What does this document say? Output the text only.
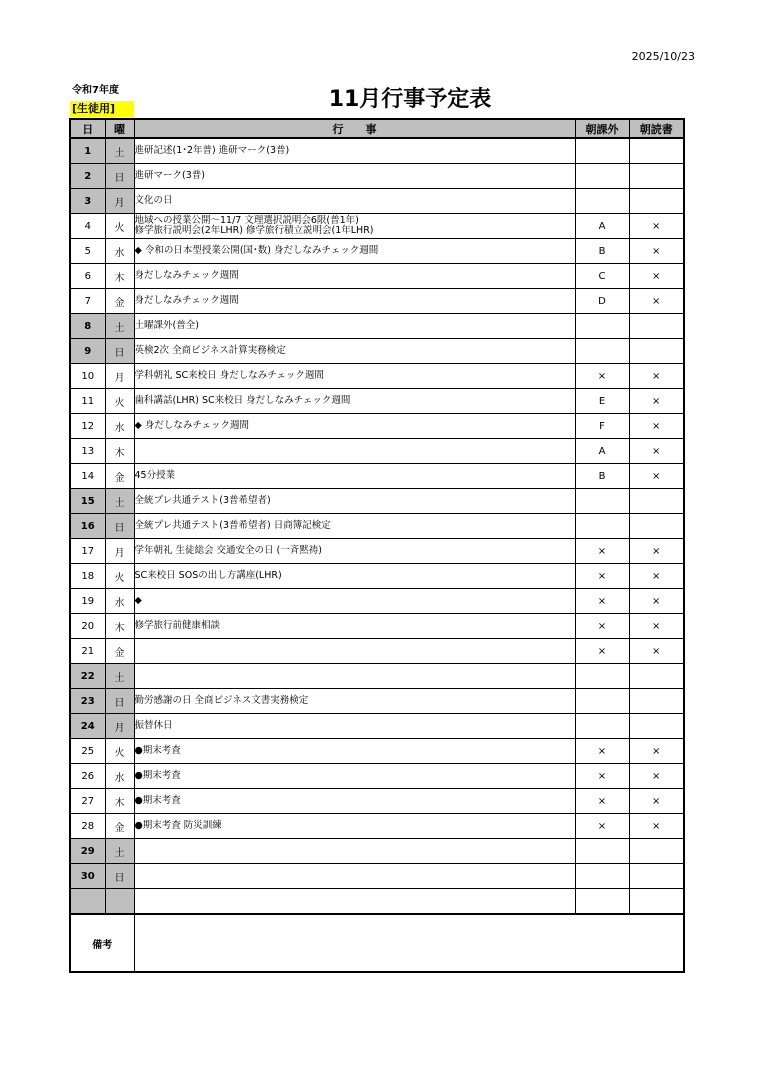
2025/10/23
令和7年度
[生徒用]	11月行事予定表
日	曜	行　　事	朝課外	朝読書
1	土	進研記述(1･2年普) 進研マーク(3普)		

2	日	進研マーク(3普)		

3	月	文化の日		

4	火	地域への授業公開～11/7 文理選択説明会6限(普1年)
修学旅行説明会(2年LHR) 修学旅行積立説明会(1年LHR)	A	×
5	水	◆ 令和の日本型授業公開(国･数) 身だしなみチェック週間	B	×
6	木	身だしなみチェック週間	C	×
7	金	身だしなみチェック週間	D	×
8	土	土曜課外(普全)		

9	日	英検2次 全商ビジネス計算実務検定		

10	月	学科朝礼 SC来校日 身だしなみチェック週間	×	×
11	火	歯科講話(LHR) SC来校日 身だしなみチェック週間	E	×
12	水	◆ 身だしなみチェック週間	F	×
13	木		A	×
14	金	45分授業	B	×
15	土	全統プレ共通テスト(3普希望者)		

16	日	全統プレ共通テスト(3普希望者) 日商簿記検定		

17	月	学年朝礼 生徒総会 交通安全の日 (一斉黙祷)	×	×
18	火	SC来校日 SOSの出し方講座(LHR)	×	×
19	水	◆	×	×
20	木	修学旅行前健康相談	×	×
21	金		×	×
22	土	

23	日	勤労感謝の日 全商ビジネス文書実務検定		

24	月	振替休日		

25	火	●期末考査	×	×
26	水	●期末考査	×	×
27	木	●期末考査	×	×
28	金	●期末考査 防災訓練	×	×
29	土	

30	日	

備考				
